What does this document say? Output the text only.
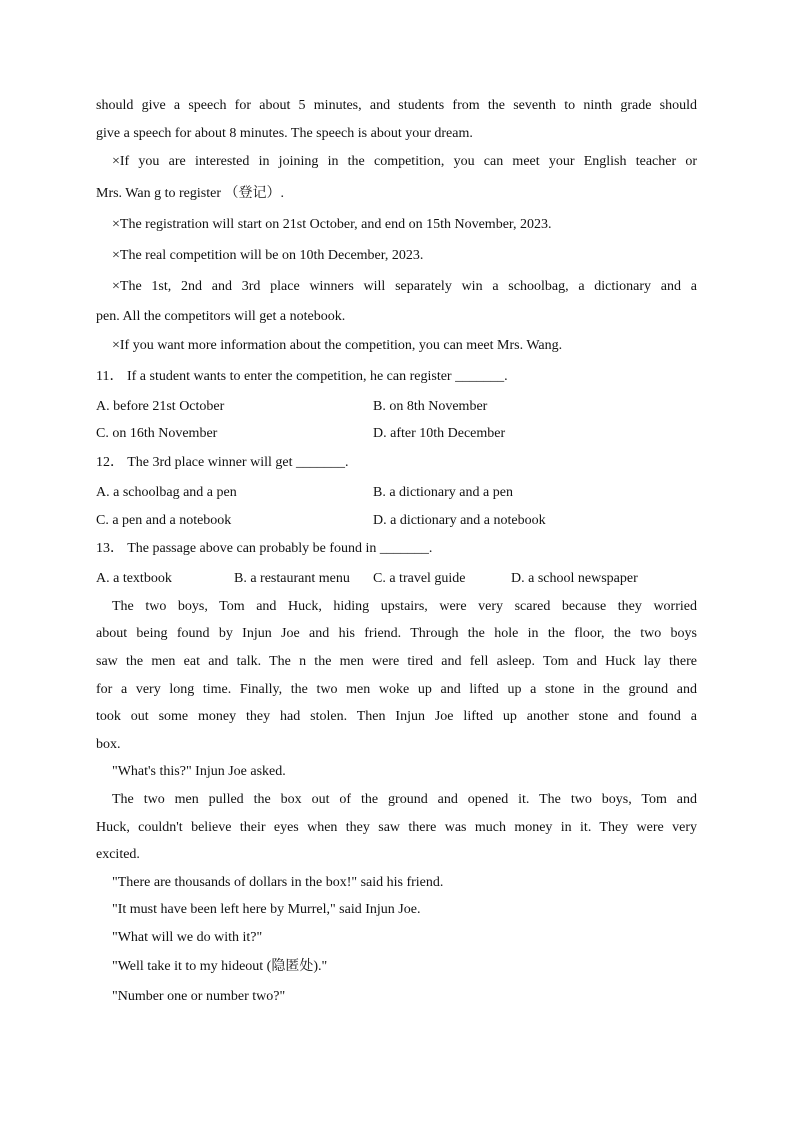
should give a speech for about 5 minutes, and students from the seventh to ninth grade should
give a speech for about 8 minutes. The speech is about your dream.
×If you are interested in joining in the competition, you can meet your English teacher or
Mrs. Wan g to register （登记）.
×The registration will start on 21st October, and end on 15th November, 2023.
×The real competition will be on 10th December, 2023.
×The 1st, 2nd and 3rd place winners will separately win a schoolbag, a dictionary and a
pen. All the competitors will get a notebook.
×If you want more information about the competition, you can meet Mrs. Wang.
11． If a student wants to enter the competition, he can register _______.
A. before 21st October	B. on 8th November
C. on 16th November	D. after 10th December
12． The 3rd place winner will get _______.
A. a schoolbag and a pen	B. a dictionary and a pen
C. a pen and a notebook	D. a dictionary and a notebook
13． The passage above can probably be found in _______.
A. a textbook	B. a restaurant menu C. a travel guide	D. a school newspaper
The two boys, Tom and Huck, hiding upstairs, were very scared because they worried
about being found by Injun Joe and his friend. Through the hole in the floor, the two boys
saw the men eat and talk. The n the men were tired and fell asleep. Tom and Huck lay there
for a very long time. Finally, the two men woke up and lifted up a stone in the ground and
took out some money they had stolen. Then Injun Joe lifted up another stone and found a
box.
"What's this?" Injun Joe asked.
The two men pulled the box out of the ground and opened it. The two boys, Tom and
Huck, couldn't believe their eyes when they saw there was much money in it. They were very
excited.
"There are thousands of dollars in the box!" said his friend.
"It must have been left here by Murrel," said Injun Joe.
"What will we do with it?"
"Well take it to my hideout (隐匿处)."
"Number one or number two?"
